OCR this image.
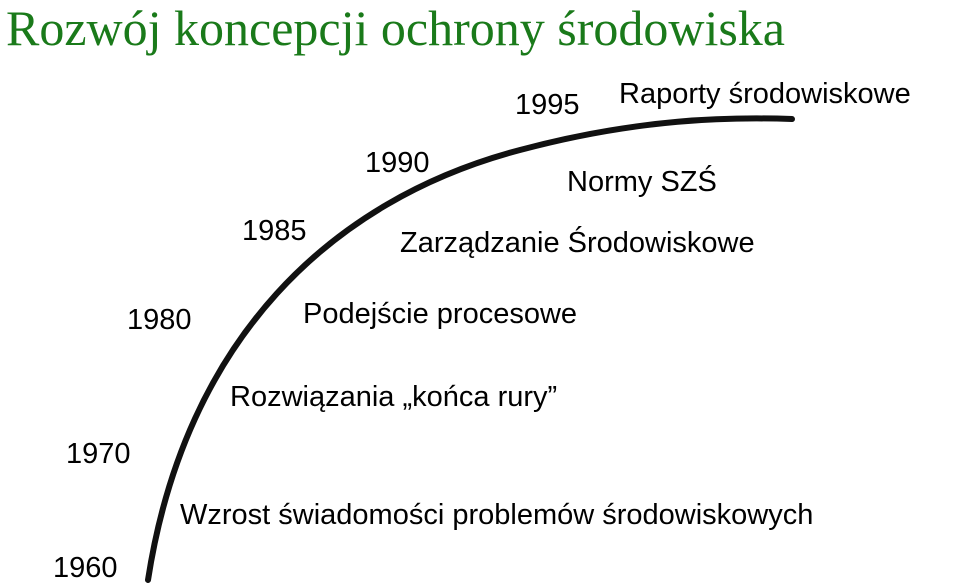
Rozwój koncepcji ochrony środowiska
1960
1970
1980
1985
1990
1995
Wzrost świadomości problemów środowiskowych
Rozwiązania „końca rury”
Podejście procesowe
Zarządzanie Środowiskowe
Normy SZŚ
Raporty środowiskowe
